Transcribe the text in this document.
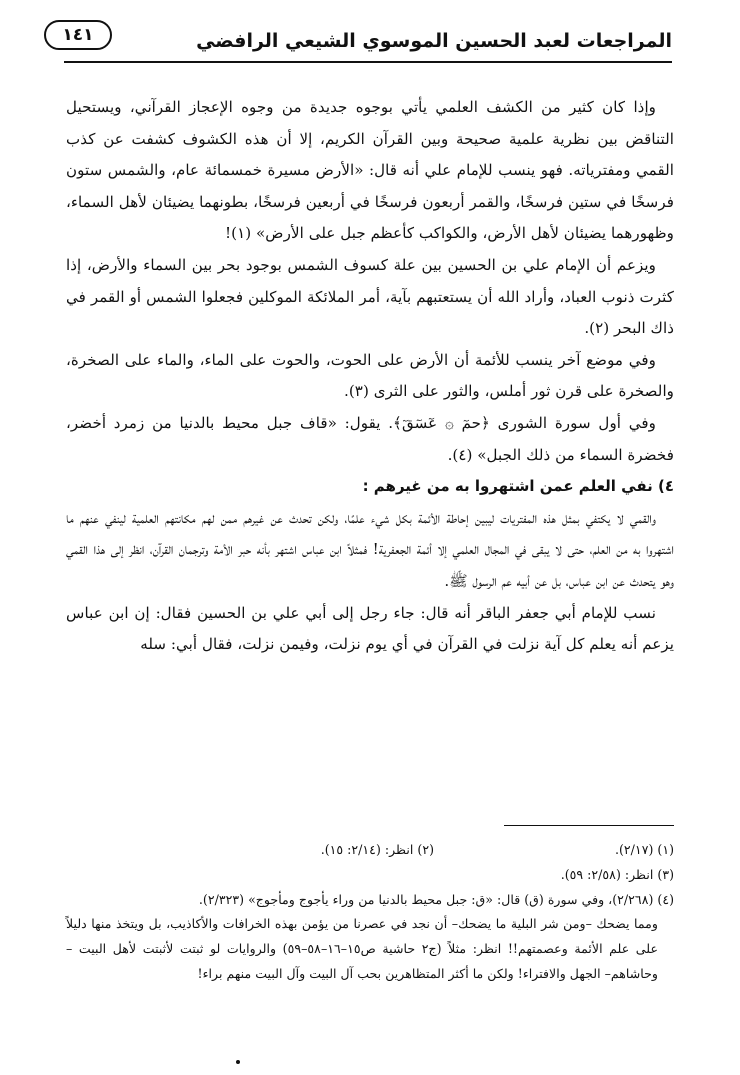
المراجعات لعبد الحسين الموسوي الشيعي الرافضي
١٤١

وإذا كان كثير من الكشف العلمي يأتي بوجوه جديدة من وجوه الإعجاز القرآني، ويستحيل التناقض بين نظرية علمية صحيحة وبين القرآن الكريم، إلا أن هذه الكشوف كشفت عن كذب القمي ومفترياته. فهو ينسب للإمام علي أنه قال: «الأرض مسيرة خمسمائة عام، والشمس ستون فرسخًا في ستين فرسخًا، والقمر أربعون فرسخًا في أربعين فرسخًا، بطونهما يضيئان لأهل السماء، وظهورهما يضيئان لأهل الأرض، والكواكب كأعظم جبل على الأرض» (١)!

ويزعم أن الإمام علي بن الحسين بين علة كسوف الشمس بوجود بحر بين السماء والأرض، إذا كثرت ذنوب العباد، وأراد الله أن يستعتبهم بآية، أمر الملائكة الموكلين فجعلوا الشمس أو القمر في ذاك البحر (٢).

وفي موضع آخر ينسب للأئمة أن الأرض على الحوت، والحوت على الماء، والماء على الصخرة، والصخرة على قرن ثور أملس، والثور على الثرى (٣).

وفي أول سورة الشورى ﴿حمٓ ۞ عٓسٓقٓ﴾. يقول: «قاف جبل محيط بالدنيا من زمرد أخضر، فخضرة السماء من ذلك الجبل» (٤).

٤) نفي العلم عمن اشتهروا به من غيرهم :

والقمي لا يكتفي بمثل هذه المفتريات ليبين إحاطة الأئمة بكل شيء علمًا، ولكن تحدث عن غيرهم ممن لهم مكانتهم العلمية لينفي عنهم ما اشتهروا به من العلم، حتى لا يبقى في المجال العلمي إلا أئمة الجعفرية! فمثلاً ابن عباس اشتهر بأنه حبر الأمة وترجمان القرآن، انظر إلى هذا القمي وهو يتحدث عن ابن عباس، بل عن أبيه عم الرسول ﷺ.

نسب للإمام أبي جعفر الباقر أنه قال: جاء رجل إلى أبي علي بن الحسين فقال: إن ابن عباس يزعم أنه يعلم كل آية نزلت في القرآن في أي يوم نزلت، وفيمن نزلت، فقال أبي: سله

(١) (٢/١٧).
(٢) انظر: (٢/١٤: ١٥).
(٣) انظر: (٢/٥٨: ٥٩).

(٤) (٢/٢٦٨)، وفي سورة (ق) قال: «ق: جبل محيط بالدنيا من وراء يأجوج ومأجوج» (٢/٣٢٣).

ومما يضحك –ومن شر البلية ما يضحك– أن نجد في عصرنا من يؤمن بهذه الخرافات والأكاذيب، بل ويتخذ منها دليلاً على علم الأئمة وعصمتهم!! انظر: مثلاً (ج٢ حاشية ص١٥–١٦–٥٨–٥٩) والروايات لو ثبتت لأثبتت لأهل البيت –وحاشاهم– الجهل والافتراء! ولكن ما أكثر المتظاهرين بحب آل البيت وآل البيت منهم براء!
